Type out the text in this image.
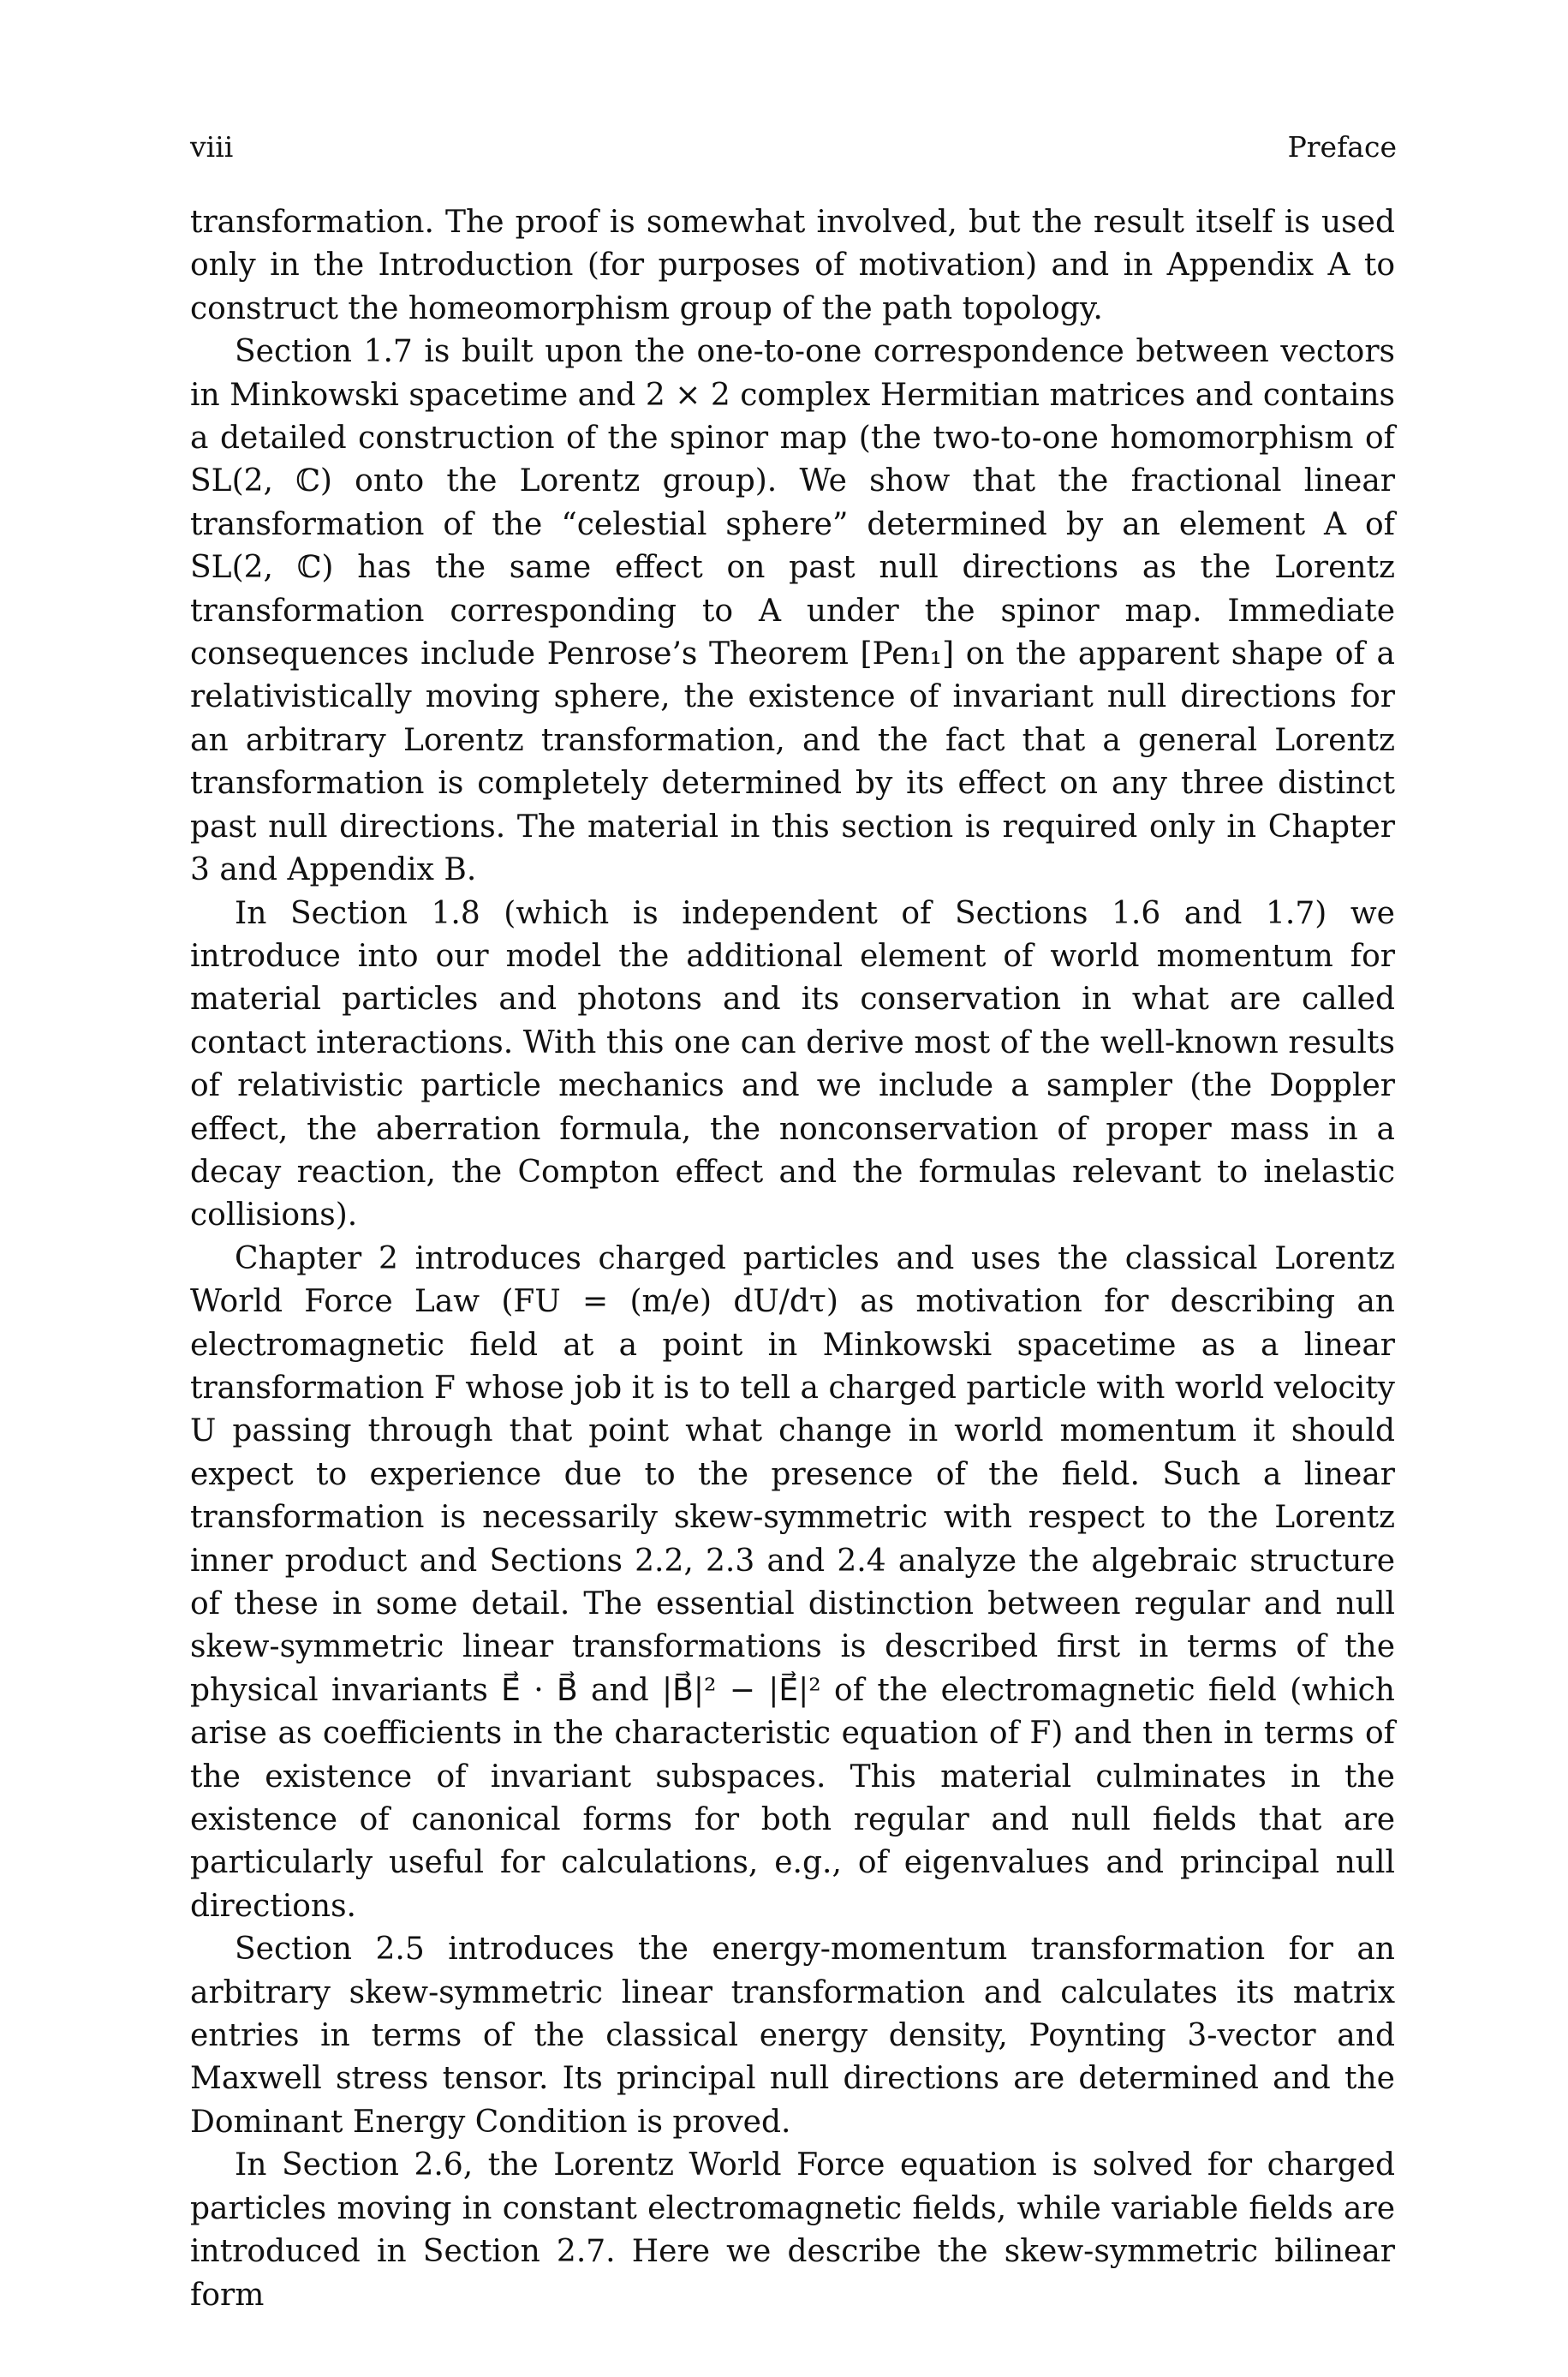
viii	Preface

transformation. The proof is somewhat involved, but the result itself is used only in the Introduction (for purposes of motivation) and in Appendix A to construct the homeomorphism group of the path topology.

Section 1.7 is built upon the one-to-one correspondence between vectors in Minkowski spacetime and 2 × 2 complex Hermitian matrices and contains a detailed construction of the spinor map (the two-to-one homomorphism of SL(2, ℂ) onto the Lorentz group). We show that the fractional linear transformation of the “celestial sphere” determined by an element A of SL(2, ℂ) has the same effect on past null directions as the Lorentz transformation corresponding to A under the spinor map. Immediate consequences include Penrose’s Theorem [Pen₁] on the apparent shape of a relativistically moving sphere, the existence of invariant null directions for an arbitrary Lorentz transformation, and the fact that a general Lorentz transformation is completely determined by its effect on any three distinct past null directions. The material in this section is required only in Chapter 3 and Appendix B.

In Section 1.8 (which is independent of Sections 1.6 and 1.7) we introduce into our model the additional element of world momentum for material particles and photons and its conservation in what are called contact interactions. With this one can derive most of the well-known results of relativistic particle mechanics and we include a sampler (the Doppler effect, the aberration formula, the nonconservation of proper mass in a decay reaction, the Compton effect and the formulas relevant to inelastic collisions).

Chapter 2 introduces charged particles and uses the classical Lorentz World Force Law (FU = (m/e) dU/dτ) as motivation for describing an electromagnetic field at a point in Minkowski spacetime as a linear transformation F whose job it is to tell a charged particle with world velocity U passing through that point what change in world momentum it should expect to experience due to the presence of the field. Such a linear transformation is necessarily skew-symmetric with respect to the Lorentz inner product and Sections 2.2, 2.3 and 2.4 analyze the algebraic structure of these in some detail. The essential distinction between regular and null skew-symmetric linear transformations is described first in terms of the physical invariants E⃗ · B⃗ and |B⃗|² − |E⃗|² of the electromagnetic field (which arise as coefficients in the characteristic equation of F) and then in terms of the existence of invariant subspaces. This material culminates in the existence of canonical forms for both regular and null fields that are particularly useful for calculations, e.g., of eigenvalues and principal null directions.

Section 2.5 introduces the energy-momentum transformation for an arbitrary skew-symmetric linear transformation and calculates its matrix entries in terms of the classical energy density, Poynting 3-vector and Maxwell stress tensor. Its principal null directions are determined and the Dominant Energy Condition is proved.

In Section 2.6, the Lorentz World Force equation is solved for charged particles moving in constant electromagnetic fields, while variable fields are introduced in Section 2.7. Here we describe the skew-symmetric bilinear form
